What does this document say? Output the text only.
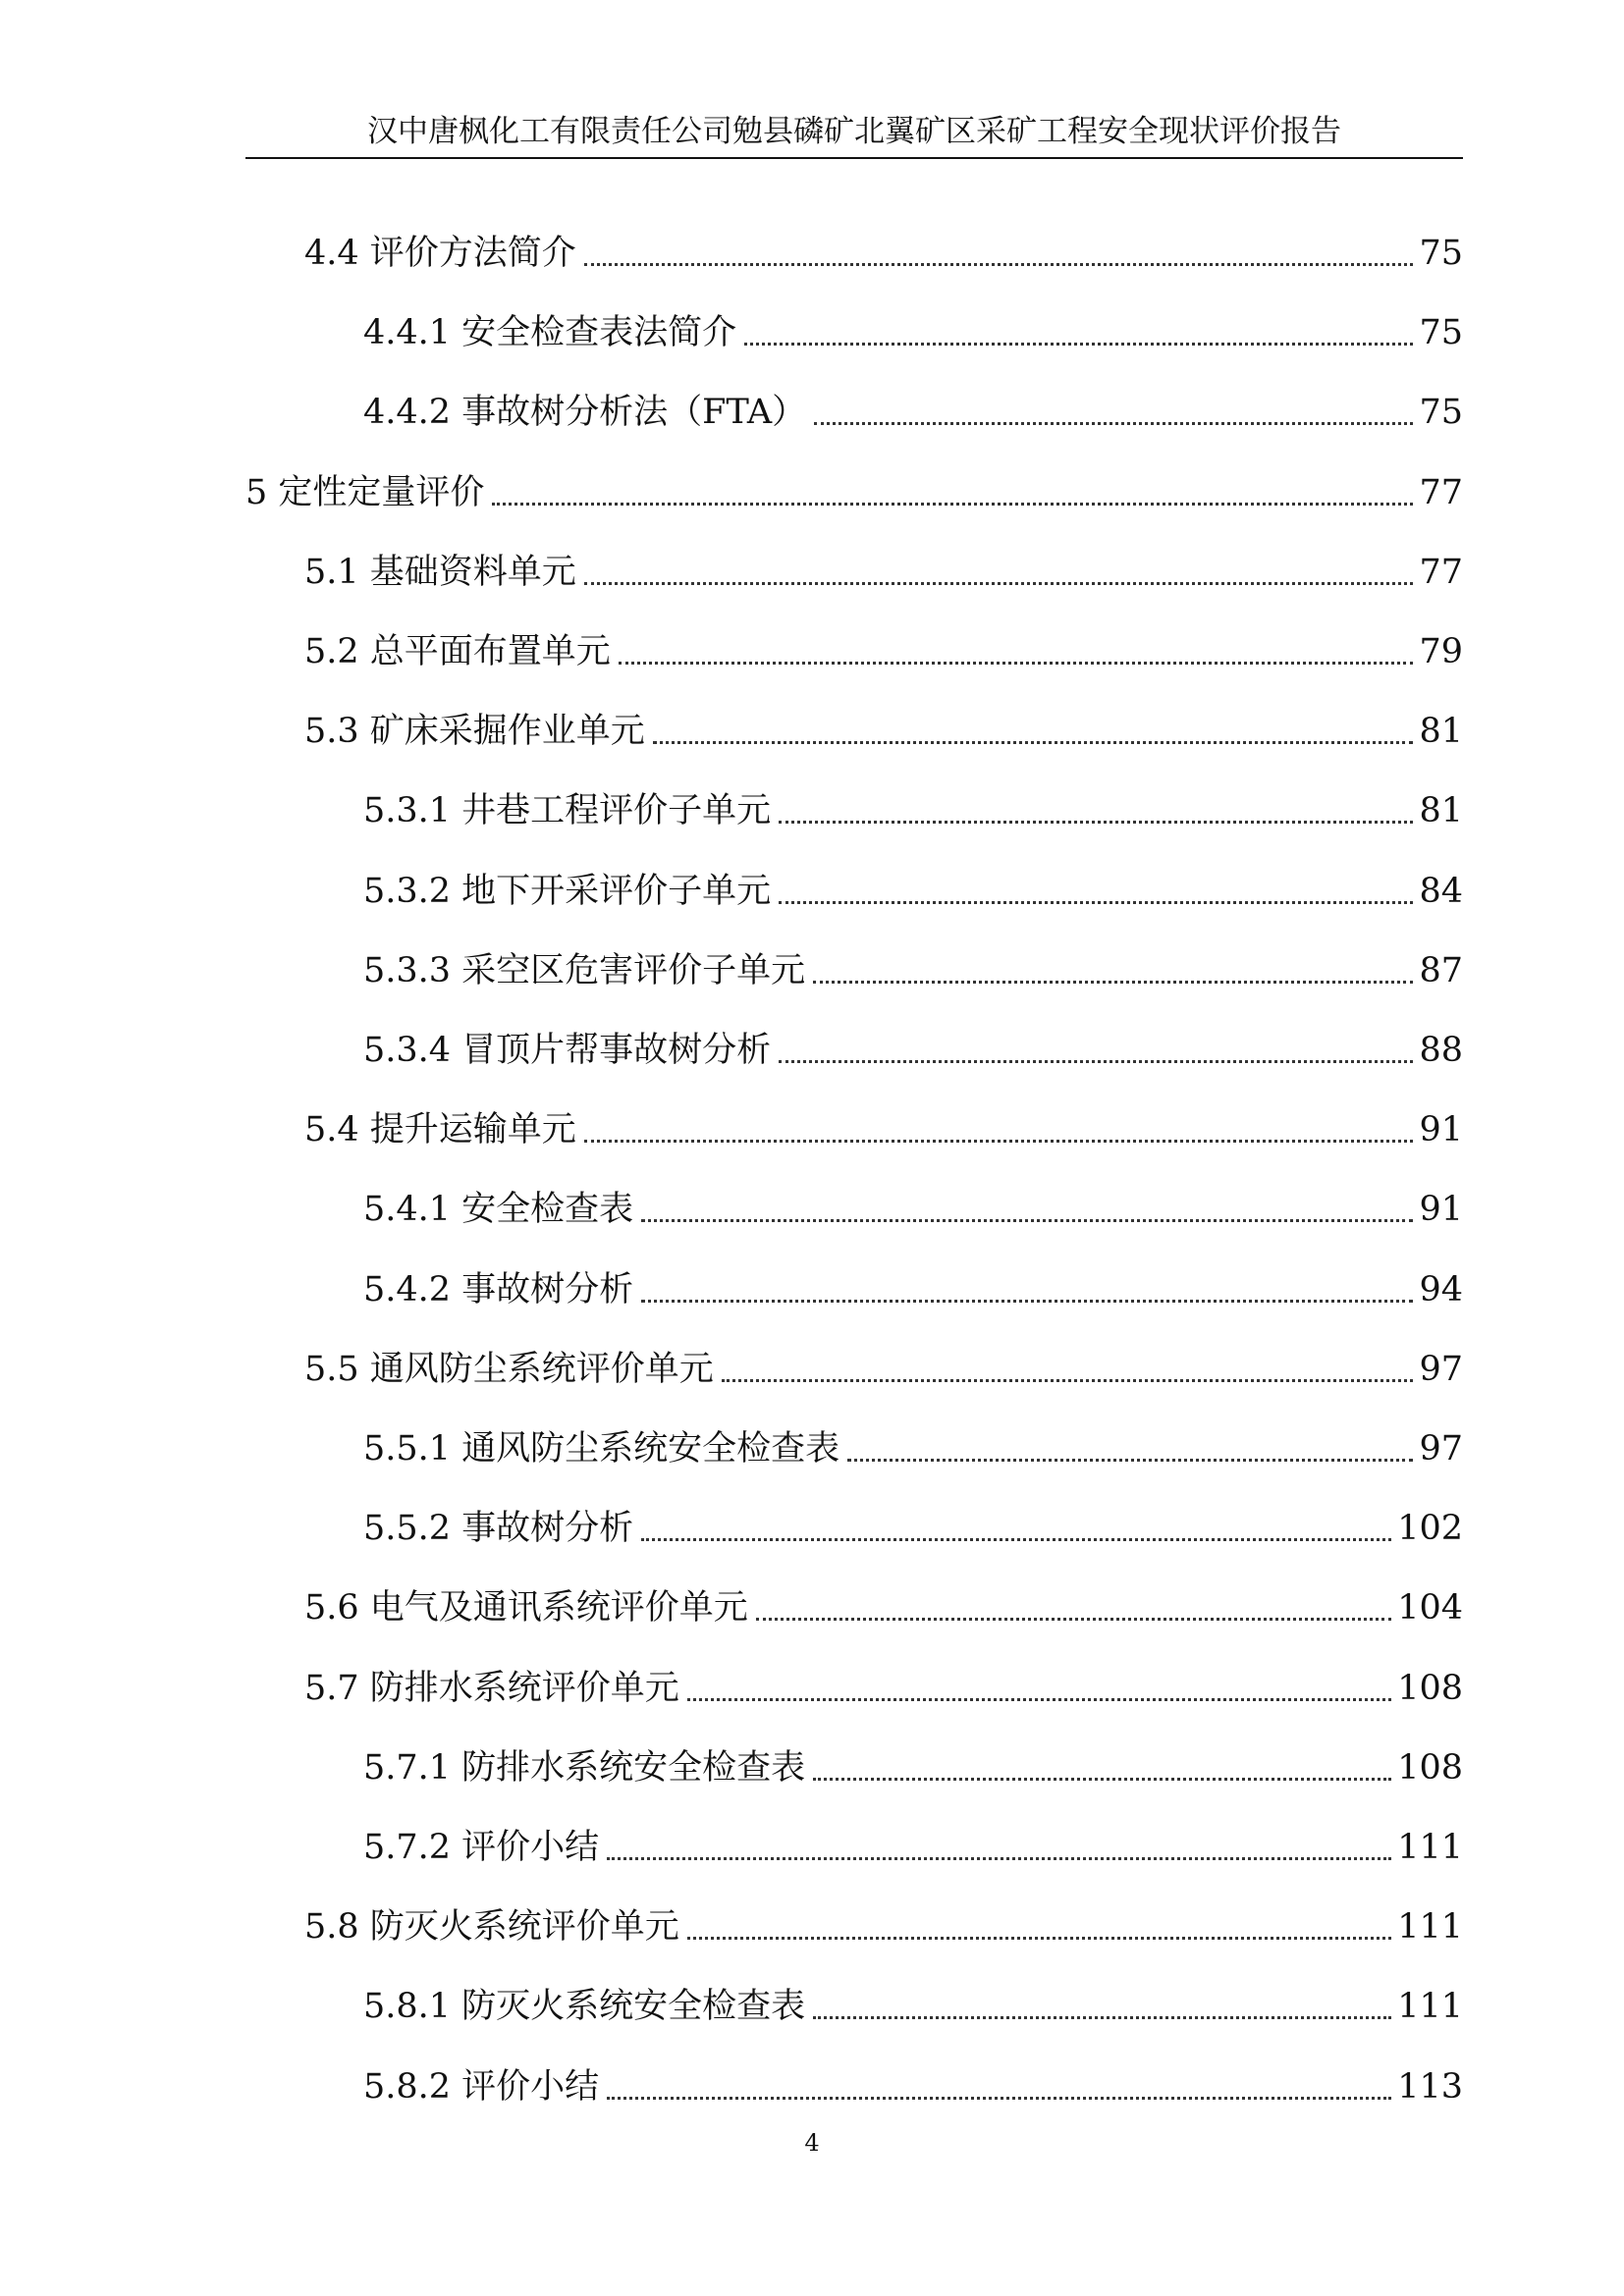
汉中唐枫化工有限责任公司勉县磷矿北翼矿区采矿工程安全现状评价报告
4.4 评价方法简介	75
4.4.1 安全检查表法简介	75
4.4.2 事故树分析法（FTA）	75
5 定性定量评价	77
5.1 基础资料单元	77
5.2 总平面布置单元	79
5.3 矿床采掘作业单元	81
5.3.1 井巷工程评价子单元	81
5.3.2 地下开采评价子单元	84
5.3.3 采空区危害评价子单元	87
5.3.4 冒顶片帮事故树分析	88
5.4 提升运输单元	91
5.4.1 安全检查表	91
5.4.2 事故树分析	94
5.5 通风防尘系统评价单元	97
5.5.1 通风防尘系统安全检查表	97
5.5.2 事故树分析	102
5.6 电气及通讯系统评价单元	104
5.7 防排水系统评价单元	108
5.7.1 防排水系统安全检查表	108
5.7.2 评价小结	111
5.8 防灭火系统评价单元	111
5.8.1 防灭火系统安全检查表	111
5.8.2 评价小结	113
4
